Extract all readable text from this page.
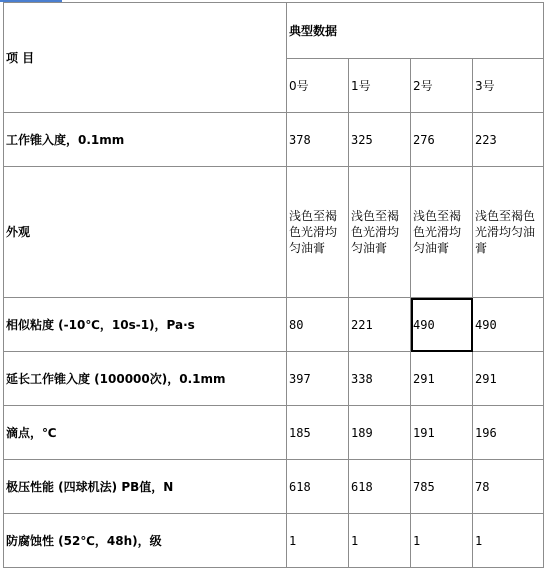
项 目	典型数据			
	0号	1号	2号	3号
工作锥入度，0.1mm	378	325	276	223
外观	浅色至褐色光滑均匀油膏	浅色至褐色光滑均匀油膏	浅色至褐色光滑均匀油膏	浅色至褐色光滑均匀油膏
相似粘度 (-10℃，10s-1)，Pa·s	80	221	490	490
延长工作锥入度 (100000次)，0.1mm	397	338	291	291
滴点，℃	185	189	191	196
极压性能 (四球机法) PB值，N	618	618	785	78
防腐蚀性 (52℃，48h)，级	1	1	1	1
